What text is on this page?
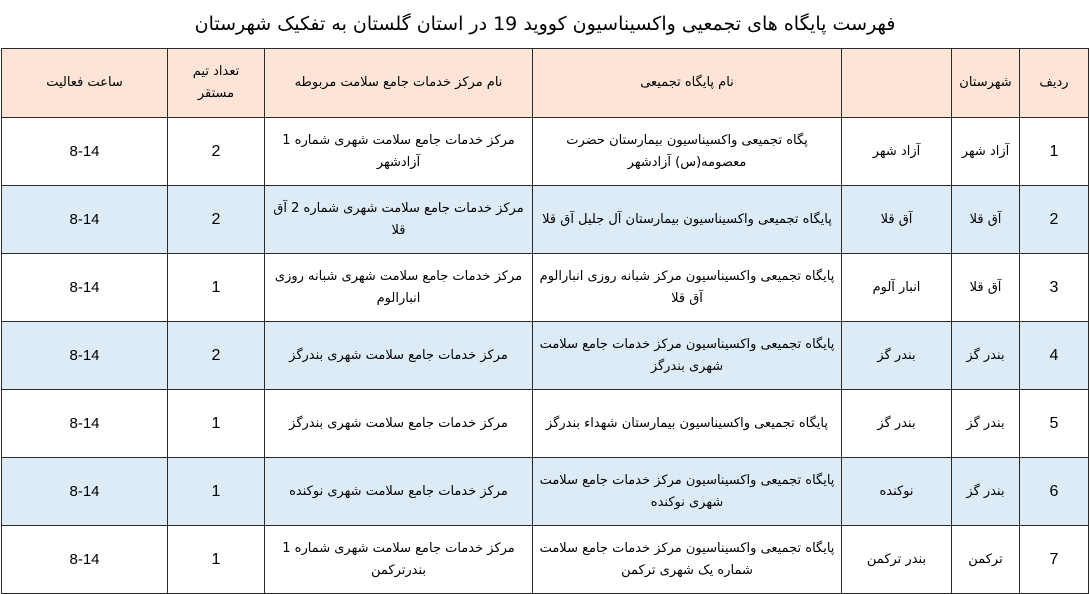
فهرست پایگاه های تجمعیی واکسیناسیون کووید 19 در استان گلستان به تفکیک شهرستان
ردیف	شهرستان		نام پایگاه تجمیعی	نام مرکز خدمات جامع سلامت مربوطه	تعداد تیم مستقر	ساعت فعالیت
1	آزاد شهر	آزاد شهر	پگاه تجمیعی واکسیناسیون بیمارستان حضرت معصومه(س) آزادشهر	مرکز خدمات جامع سلامت شهری شماره 1 آزادشهر	2	8-14
2	آق قلا	آق قلا	پایگاه تجمیعی واکسیناسیون بیمارستان آل جلیل آق قلا	مرکز خدمات جامع سلامت شهری شماره 2 آق قلا	2	8-14
3	آق قلا	انبار آلوم	پایگاه تجمیعی واکسیناسیون مرکز شبانه روزی انبارالوم آق قلا	مرکز خدمات جامع سلامت شهری شبانه روزی انبارالوم	1	8-14
4	بندر گز	بندر گز	پایگاه تجمیعی واکسیناسیون مرکز خدمات جامع سلامت شهری بندرگز	مرکز خدمات جامع سلامت شهری بندرگز	2	8-14
5	بندر گز	بندر گز	پایگاه تجمیعی واکسیناسیون بیمارستان شهداء بندرگز	مرکز خدمات جامع سلامت شهری بندرگز	1	8-14
6	بندر گز	نوکنده	پایگاه تجمیعی واکسیناسیون مرکز خدمات جامع سلامت شهری نوکنده	مرکز خدمات جامع سلامت شهری نوکنده	1	8-14
7	ترکمن	بندر ترکمن	پایگاه تجمیعی واکسیناسیون مرکز خدمات جامع سلامت شماره یک شهری ترکمن	مرکز خدمات جامع سلامت شهری شماره 1 بندرترکمن	1	8-14
